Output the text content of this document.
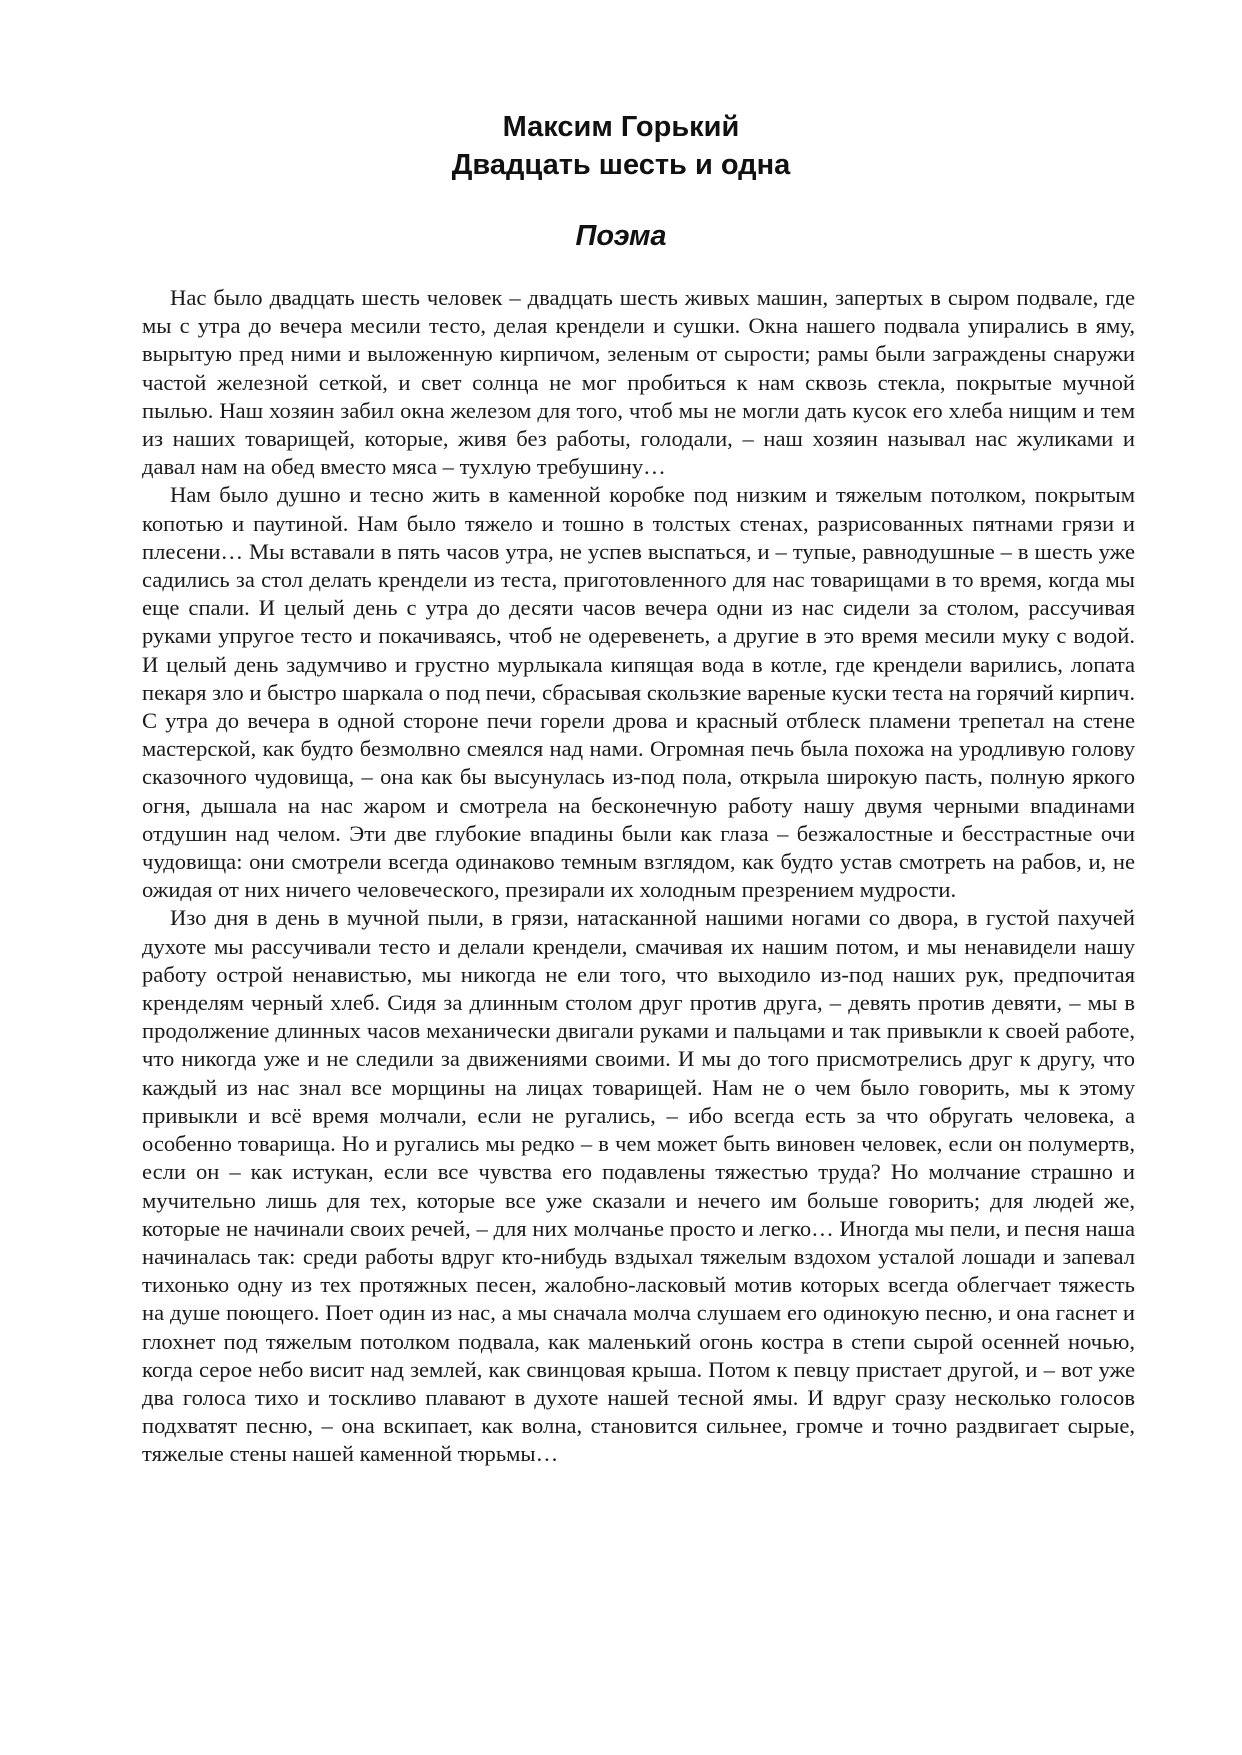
Максим Горький
Двадцать шесть и одна
Поэма

Нас было двадцать шесть человек – двадцать шесть живых машин, запертых в сыром подвале, где мы с утра до вечера месили тесто, делая крендели и сушки. Окна нашего подвала упирались в яму, вырытую пред ними и выложенную кирпичом, зеленым от сырости; рамы были заграждены снаружи частой железной сеткой, и свет солнца не мог пробиться к нам сквозь стекла, покрытые мучной пылью. Наш хозяин забил окна железом для того, чтоб мы не могли дать кусок его хлеба нищим и тем из наших товарищей, которые, живя без работы, голодали, – наш хозяин называл нас жуликами и давал нам на обед вместо мяса – тухлую требушину…

Нам было душно и тесно жить в каменной коробке под низким и тяжелым потолком, покрытым копотью и паутиной. Нам было тяжело и тошно в толстых стенах, разрисованных пятнами грязи и плесени… Мы вставали в пять часов утра, не успев выспаться, и – тупые, равнодушные – в шесть уже садились за стол делать крендели из теста, приготовленного для нас товарищами в то время, когда мы еще спали. И целый день с утра до десяти часов вечера одни из нас сидели за столом, рассучивая руками упругое тесто и покачиваясь, чтоб не одеревенеть, а другие в это время месили муку с водой. И целый день задумчиво и грустно мурлыкала кипящая вода в котле, где крендели варились, лопата пекаря зло и быстро шаркала о под печи, сбрасывая скользкие вареные куски теста на горячий кирпич. С утра до вечера в одной стороне печи горели дрова и красный отблеск пламени трепетал на стене мастерской, как будто безмолвно смеялся над нами. Огромная печь была похожа на уродливую голову сказочного чудовища, – она как бы высунулась из-под пола, открыла широкую пасть, полную яркого огня, дышала на нас жаром и смотрела на бесконечную работу нашу двумя черными впадинами отдушин над челом. Эти две глубокие впадины были как глаза – безжалостные и бесстрастные очи чудовища: они смотрели всегда одинаково темным взглядом, как будто устав смотреть на рабов, и, не ожидая от них ничего человеческого, презирали их холодным презрением мудрости.

Изо дня в день в мучной пыли, в грязи, натасканной нашими ногами со двора, в густой пахучей духоте мы рассучивали тесто и делали крендели, смачивая их нашим потом, и мы ненавидели нашу работу острой ненавистью, мы никогда не ели того, что выходило из-под наших рук, предпочитая кренделям черный хлеб. Сидя за длинным столом друг против друга, – девять против девяти, – мы в продолжение длинных часов механически двигали руками и пальцами и так привыкли к своей работе, что никогда уже и не следили за движениями своими. И мы до того присмотрелись друг к другу, что каждый из нас знал все морщины на лицах товарищей. Нам не о чем было говорить, мы к этому привыкли и всё время молчали, если не ругались, – ибо всегда есть за что обругать человека, а особенно товарища. Но и ругались мы редко – в чем может быть виновен человек, если он полумертв, если он – как истукан, если все чувства его подавлены тяжестью труда? Но молчание страшно и мучительно лишь для тех, которые все уже сказали и нечего им больше говорить; для людей же, которые не начинали своих речей, – для них молчанье просто и легко… Иногда мы пели, и песня наша начиналась так: среди работы вдруг кто-нибудь вздыхал тяжелым вздохом усталой лошади и запевал тихонько одну из тех протяжных песен, жалобно-ласковый мотив которых всегда облегчает тяжесть на душе поющего. Поет один из нас, а мы сначала молча слушаем его одинокую песню, и она гаснет и глохнет под тяжелым потолком подвала, как маленький огонь костра в степи сырой осенней ночью, когда серое небо висит над землей, как свинцовая крыша. Потом к певцу пристает другой, и – вот уже два голоса тихо и тоскливо плавают в духоте нашей тесной ямы. И вдруг сразу несколько голосов подхватят песню, – она вскипает, как волна, становится сильнее, громче и точно раздвигает сырые, тяжелые стены нашей каменной тюрьмы…
